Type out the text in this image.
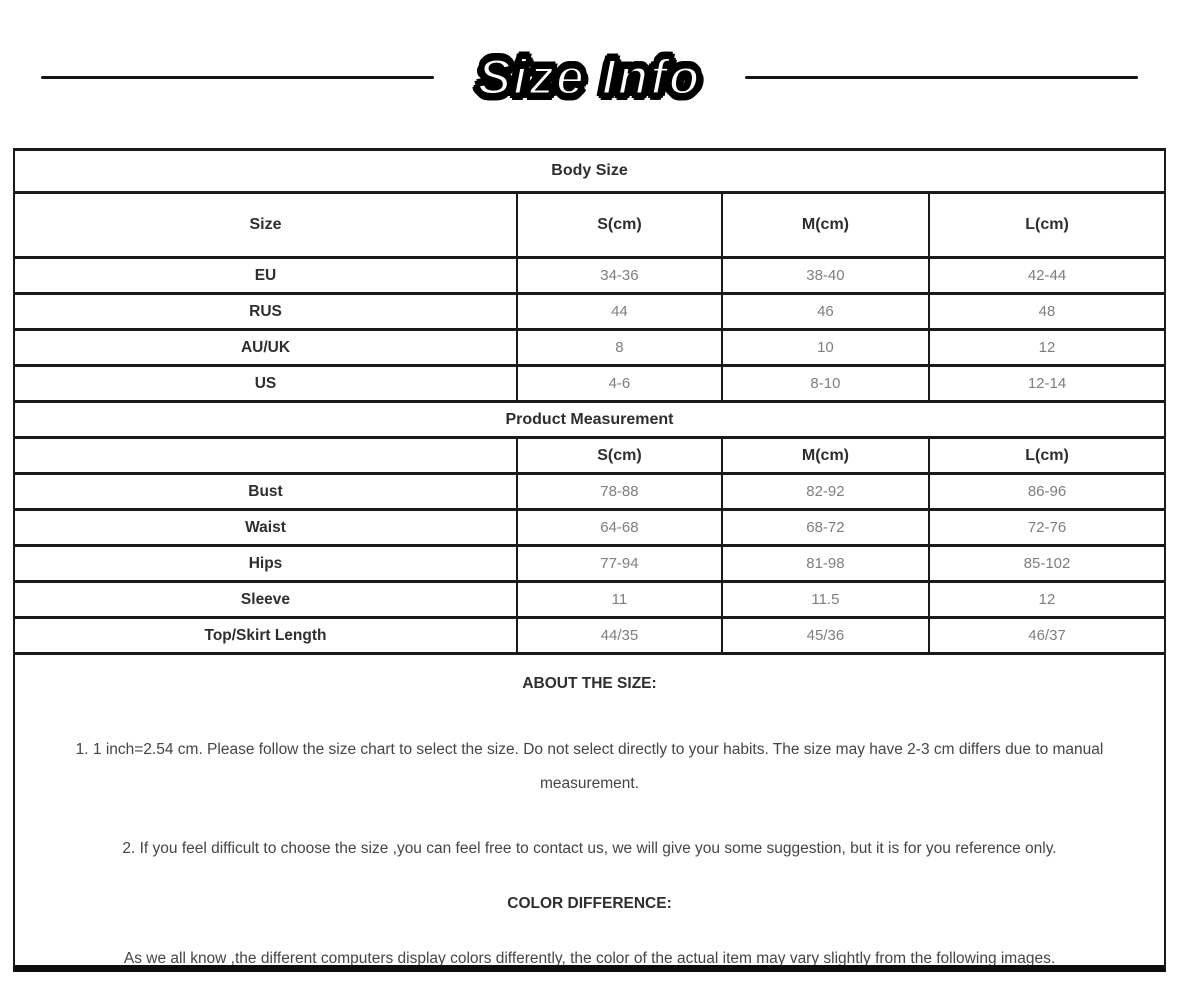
Size Info
Body Size			
Size	S(cm)	M(cm)	L(cm)
EU	34-36	38-40	42-44
RUS	44	46	48
AU/UK	8	10	12
US	4-6	8-10	12-14
Product Measurement			
	S(cm)	M(cm)	L(cm)
Bust	78-88	82-92	86-96
Waist	64-68	68-72	72-76
Hips	77-94	81-98	85-102
Sleeve	11	11.5	12
Top/Skirt Length	44/35	45/36	46/37

ABOUT THE SIZE:

1. 1 inch=2.54 cm. Please follow the size chart to select the size. Do not select directly to your habits. The size may have 2-3 cm differs due to manual measurement.

2. If you feel difficult to choose the size ,you can feel free to contact us, we will give you some suggestion, but it is for you reference only.

COLOR DIFFERENCE:

As we all know ,the different computers display colors differently, the color of the actual item may vary slightly from the following images.
